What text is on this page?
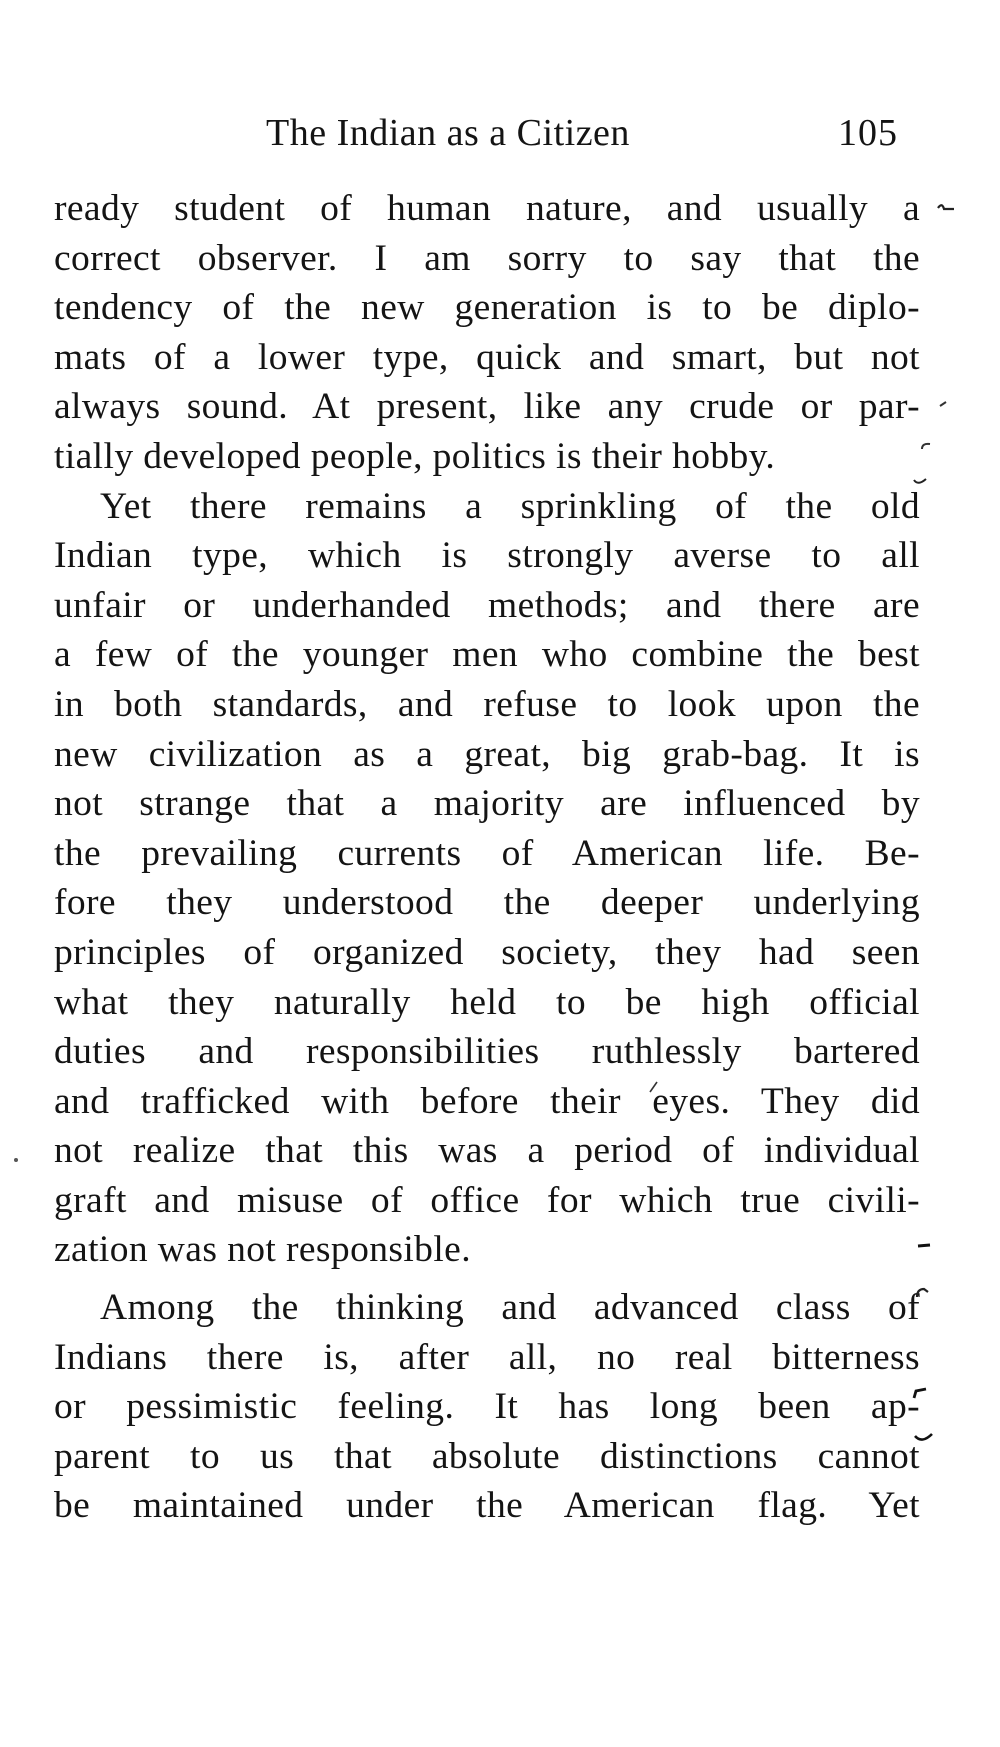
The Indian as a Citizen	105
ready student of human nature, and usually a
correct observer. I am sorry to say that the
tendency of the new generation is to be diplo-
mats of a lower type, quick and smart, but not
always sound. At present, like any crude or par-
tially developed people, politics is their hobby.
Yet there remains a sprinkling of the old
Indian type, which is strongly averse to all
unfair or underhanded methods; and there are
a few of the younger men who combine the best
in both standards, and refuse to look upon the
new civilization as a great, big grab-bag. It is
not strange that a majority are influenced by
the prevailing currents of American life. Be-
fore they understood the deeper underlying
principles of organized society, they had seen
what they naturally held to be high official
duties and responsibilities ruthlessly bartered
and trafficked with before their eyes. They did
not realize that this was a period of individual
graft and misuse of office for which true civili-
zation was not responsible.
Among the thinking and advanced class of
Indians there is, after all, no real bitterness
or pessimistic feeling. It has long been ap-
parent to us that absolute distinctions cannot
be maintained under the American flag. Yet
